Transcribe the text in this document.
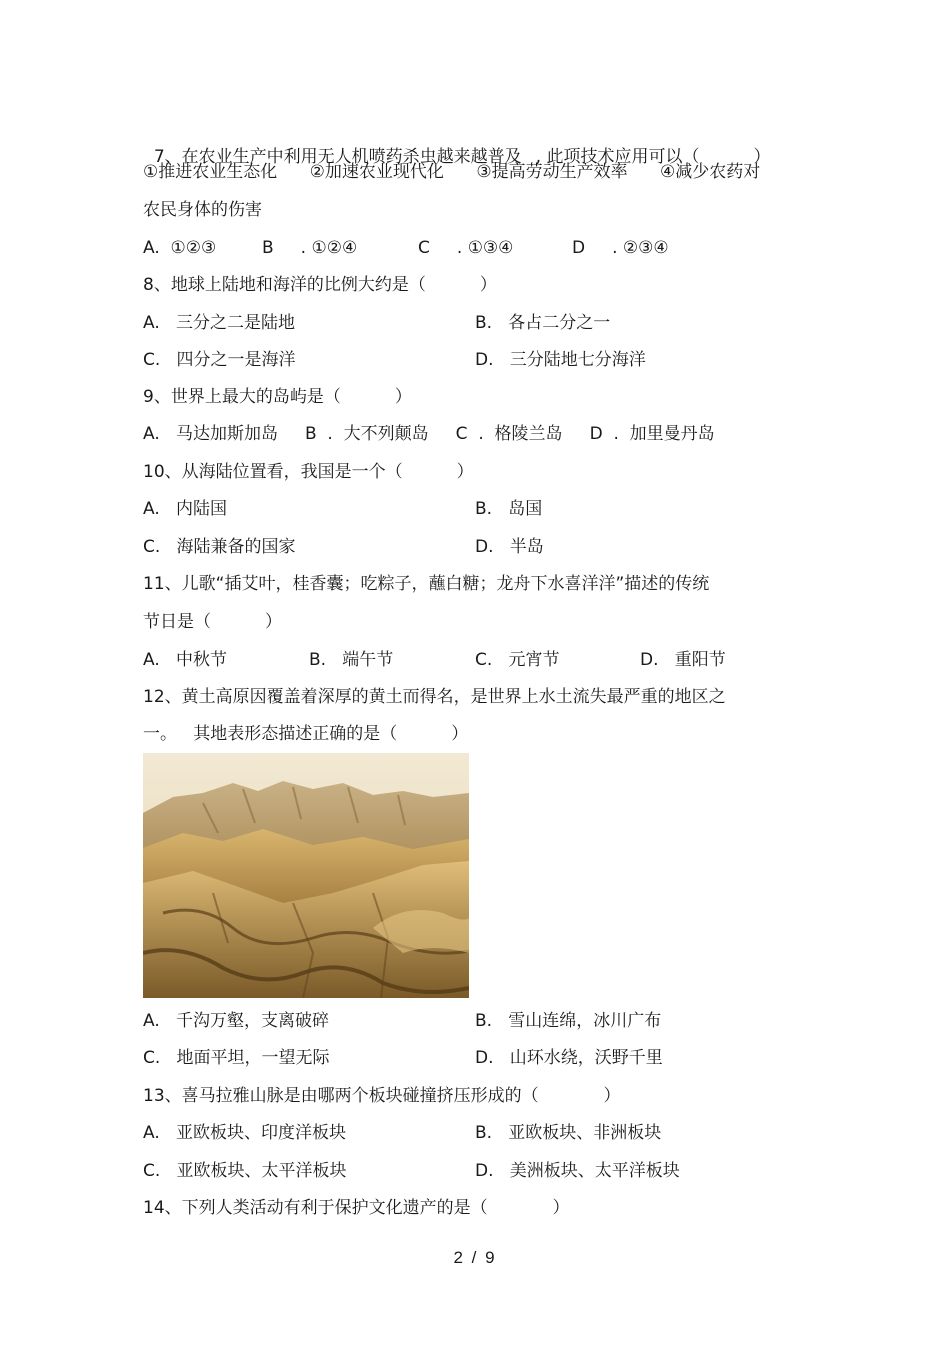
7、在农业生产中利用无人机喷药杀虫越来越普及 , 此项技术应用可以（          ）

①推进农业生态化      ②加速农业现代化      ③提高劳动生产效率      ④减少农药对
农民身体的伤害
A.  ①②③	B     . ①②④	C     . ①③④	D     . ②③④
8、地球上陆地和海洋的比例大约是（          ）
A.   三分之二是陆地	B.   各占二分之一
C.   四分之一是海洋	D.   三分陆地七分海洋
9、世界上最大的岛屿是（          ）
A.   马达加斯加岛     B  .  大不列颠岛     C  .  格陵兰岛     D  .  加里曼丹岛
10、从海陆位置看，我国是一个（          ）
A.   内陆国	B.   岛国
C.   海陆兼备的国家	D.   半岛
11、儿歌“插艾叶，桂香囊；吃粽子，蘸白糖；龙舟下水喜洋洋”描述的传统
节日是（          ）
A.   中秋节	B.   端午节	C.   元宵节	D.   重阳节
12、黄土高原因覆盖着深厚的黄土而得名，是世界上水土流失最严重的地区之
一。   其地表形态描述正确的是（          ）
A.   千沟万壑，支离破碎	B.   雪山连绵，冰川广布
C.   地面平坦，一望无际	D.   山环水绕，沃野千里
13、喜马拉雅山脉是由哪两个板块碰撞挤压形成的（            ）
A.   亚欧板块、印度洋板块	B.   亚欧板块、非洲板块
C.   亚欧板块、太平洋板块	D.   美洲板块、太平洋板块
14、下列人类活动有利于保护文化遗产的是（            ）
2 / 9
